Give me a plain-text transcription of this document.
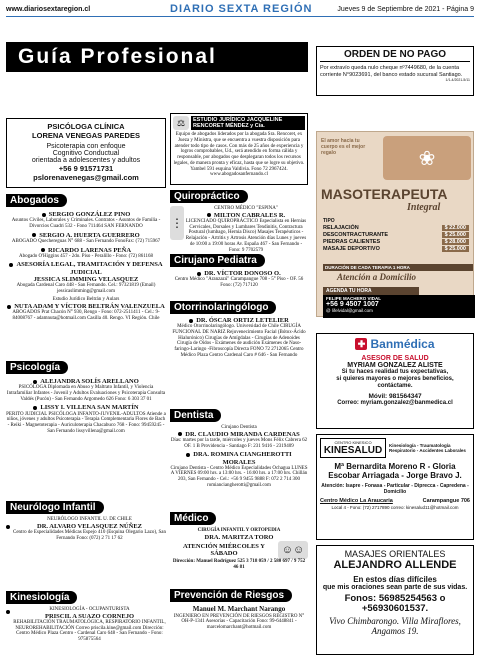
www.diariosextaregion.cl	DIARIO SEXTA REGIÓN	Jueves 9 de Septiembre de 2021 - Página 9
Guía Profesional
PSICÓLOGA CLÍNICA
LORENA VENEGAS PAREDES
Psicoterapia con enfoque
Cognitivo Conductual
orientada a adolescentes y adultos
+56 9 91571731
pslorenavenegas@gmail.com
Abogados
SERGIO GONZÁLEZ PINO
Asuntos Civiles, Laborales y Criminales. Contratos - Asuntos de Familia - Divorcios Cuadri 532 - Fono 711464 SAN FERNANDO
SERGIO A. HUERTA GUERRERO
ABOGADO Quechereguas N° 688 - San Fernando FonoFax: (72) 715967
RICARDO LARENAS PEÑA
Abogado O'Higgins 457 - 2do. Piso - Peralillo - Fono: (72) 861168
ASESORÍA LEGAL, TRAMITACIÓN Y DEFENSA JUDICIAL
JESSICA SLIMMING VELASQUEZ
Abogada Cardenal Caro 448 - San Fernando. Cel.: 97321819 (Email) jessicaslimming@gmail.com
Estudio Jurídico Beltrán y Aulars
NUTA ADAM Y VÍCTOR BELTRÁN VALENZUELA
ABOGADOS Prat Chacón N° 930, Rengo - Fono: 072-2511411 - Cel.: 9-84008767 - adamnuta@hotmail.com Casilla 40. Rengo. VI Región. Chile
Psicología
ALEJANDRA SOLÍS ARELLANO
PSICÓLOGA Diplomada en Abuso y Maltrato Infantil, y Violencia Intrafamiliar Infantes - Juvenil y Adultos Evaluaciones y Psicoterapia Consulta Valdés (Pucón) - San Fernando Argomedo 626 Fono: 6 303 37 01
LISSY I. VILLENA SAN MARTÍN
PERITO JUDICIAL PSICÓLOGA INFANTO-JUVENIL-ADULTOS Atiende a niños, jóvenes y adultos Psicoterapia - Terapia Complementaria Flores de Bach - Reiki - Magnetoterapia - Auriculoterapia Chacabuco 768 - Fono: 99459245 - San Fernando lissyvillena@gmail.com
Neurólogo Infantil
NEURÓLOGO INFANTIL U. DE CHILE
DR. ALVARO VELASQUEZ NÚÑEZ
Centro de Especialidades Médicas Espejo 410 (Esquina Olegario Lazo), San Fernando Fono: (072) 2 71 17 62
Kinesiología
KINESIOLOGÍA - OCUPANTURISTA
PRISCIL A SUAZO CORNEJO
REHABILITACIÓN TRAUMATOLÓGICA, RESPIRATORIO INFANTIL, NEUROREHABILITACIÓN Correo priscila.kine@gmail.com Dirección: Centro Médico Plaza Centro - Cardenal Caro 648 - San Fernando - Fono: 975875564
⚖	ESTUDIO JURÍDICO JACQUELINE RENCORET MÉNDEZ y Cía.
Equipo de abogados liderados por la abogada Sra. Rencoret, ex Jueza y Ministra, que se encuentra a vuestra disposición para atender todo tipo de casos. Con más de 25 años de experiencia y logros comprobables, Ud., será atendido en forma cálida y responsable, por abogados que desplegaran todos los recursos legales, de manera pronta y eficaz, hasta que se logre su objetivo.
Yambel 591 esquina Valdivia. Fono 72 2967424. www.abogadosanfernando.cl
Quiropráctico
⋮
CENTRO MÉDICO "ESPINA"
MILTON CABRALES R.
LICENCIADO QUIROPRÁCTICO Especialista en Hernias Cervicales, Dorsales y Lumbares Tendinitis, Contractura Postural (lumbago, Hernia Disco) Masajes Terapéuticos - Relajación - Artritis y Artrosis Atención días Lunes y jueves de 10:00 a 19:00 horas Av. España 467 - San Fernando - Fono: 9 7702579
Cirujano Pediatra
DR. VÍCTOR DONOSO O.
Centro Médico "Aranzazú" Carampangue 708 - 5° Piso - OF. 56 Fono: (72) 717120
Otorrinolaringólogo
DR. ÓSCAR ORTIZ LETELIER
Médico Otorrinolaringólogo. Universidad de Chile CIRUGÍA FUNCIONAL DE NARIZ Rejuvenecimiento Facial (Bótox-Ácido Hialurónico) Cirugías de Amígdalas - Cirugías de Adenoides Cirugía de Oídos - Exámenes de audición Exámenes de Naso-faringo-Laringo -Fibroscopía Directa FONO 72 2712065 Centro Médico Plaza Centro Cardenal Caro # 646 - San Fernando
Dentista
Cirujano Dentista
DR. CLAUDIO MIRANDA CARDENAS
Días: martes por la tarde, miércoles y jueves Mons Félix Cabrera 62 OF. 1 B Providencia - Santiago F: 231 9416 - 2319409
DRA. ROMINA CIANGHEROTTI MORALES
Cirujano Dentista - Centro Médico Especialidades Ochagua LUNES A VIERNES 09:00 hrs. a 13:00 hrs. - 16:00 hrs. a 17:00 hrs. Chillán 203, San Fernando - Cel.: +56 9 9455 9888 F: 072 2 714 300 romianciangherotti@gmail.com
Médico
CIRUGÍA INFANTIL Y ORTOPEDIA
DRA. MARITZA TORO
ATENCIÓN MIÉRCOLES Y SÁBADO	☺☺
Dirección: Manuel Rodríguez 525 3 718 059 / 2 580 697 / 9 752 46 81
Prevención de Riesgos
Manuel M. Marchant Narango
INGENIERO EN PREVENCIÓN DE RIESGOS REGISTRO N° OH-P-1341 Asesorías - Capacitación Fono: 99-6448841 - marcelomarchant@hotmail.com
ORDEN DE NO PAGO
Por extravío queda nulo cheque nº7449680, de la cuenta corriente N°9023691, del banco estado sucursal Santiago.
1/1-4/2021-5/11
El amor hacia tu cuerpo es el mejor regalo	❀
MASOTERAPEUTA
Integral
TIPO
RELAJACIÓN	$ 22.000
DESCONTRACTURANTE	$ 25.000
PIEDRAS CALIENTES	$ 28.000
MASAJE DEPORTIVO	$ 25.000
DURACIÓN DE CADA TERAPIA 1 HORA
Atención a Domicilio
AGENDA TU HORA
FELIPE MACHERO VIDAL
+56 9 4507 1007
@ lifelvidal@gmail.com
✚ Banmédica
ASESOR DE SALUD
MYRIAM GONZALEZ ALISTE
Si tu haces realidad tus expectativas,
si quieres mayores o mejores beneficios,
contáctame.
Móvil: 981564347
Correo: myriam.gonzalez@banmedica.cl
CENTRO KINESICO
KINESALUD	Kinesiología - Traumatología Respiratorio - Accidentes Laborales
Mª Bernardita Moreno R - Gloria Escobar Arriagada - Jorge Bravo J.
Atención: Isapre - Fonasa - Particular - Diprecca - Capredena - Domicilio
Centro Médico La Araucaria	Carampangue 706
Local 4 - Fono: (72) 2717890 correo: kinesalud11@hotmail.com
MASAJES ORIENTALES
ALEJANDRO ALLENDE
En estos días difíciles
que mis oraciones sean parte de sus vidas.
Fonos: 56985254563 o +56930601537.
Vivo Chimbarongo. Villa Miraflores, Angamos 19.
